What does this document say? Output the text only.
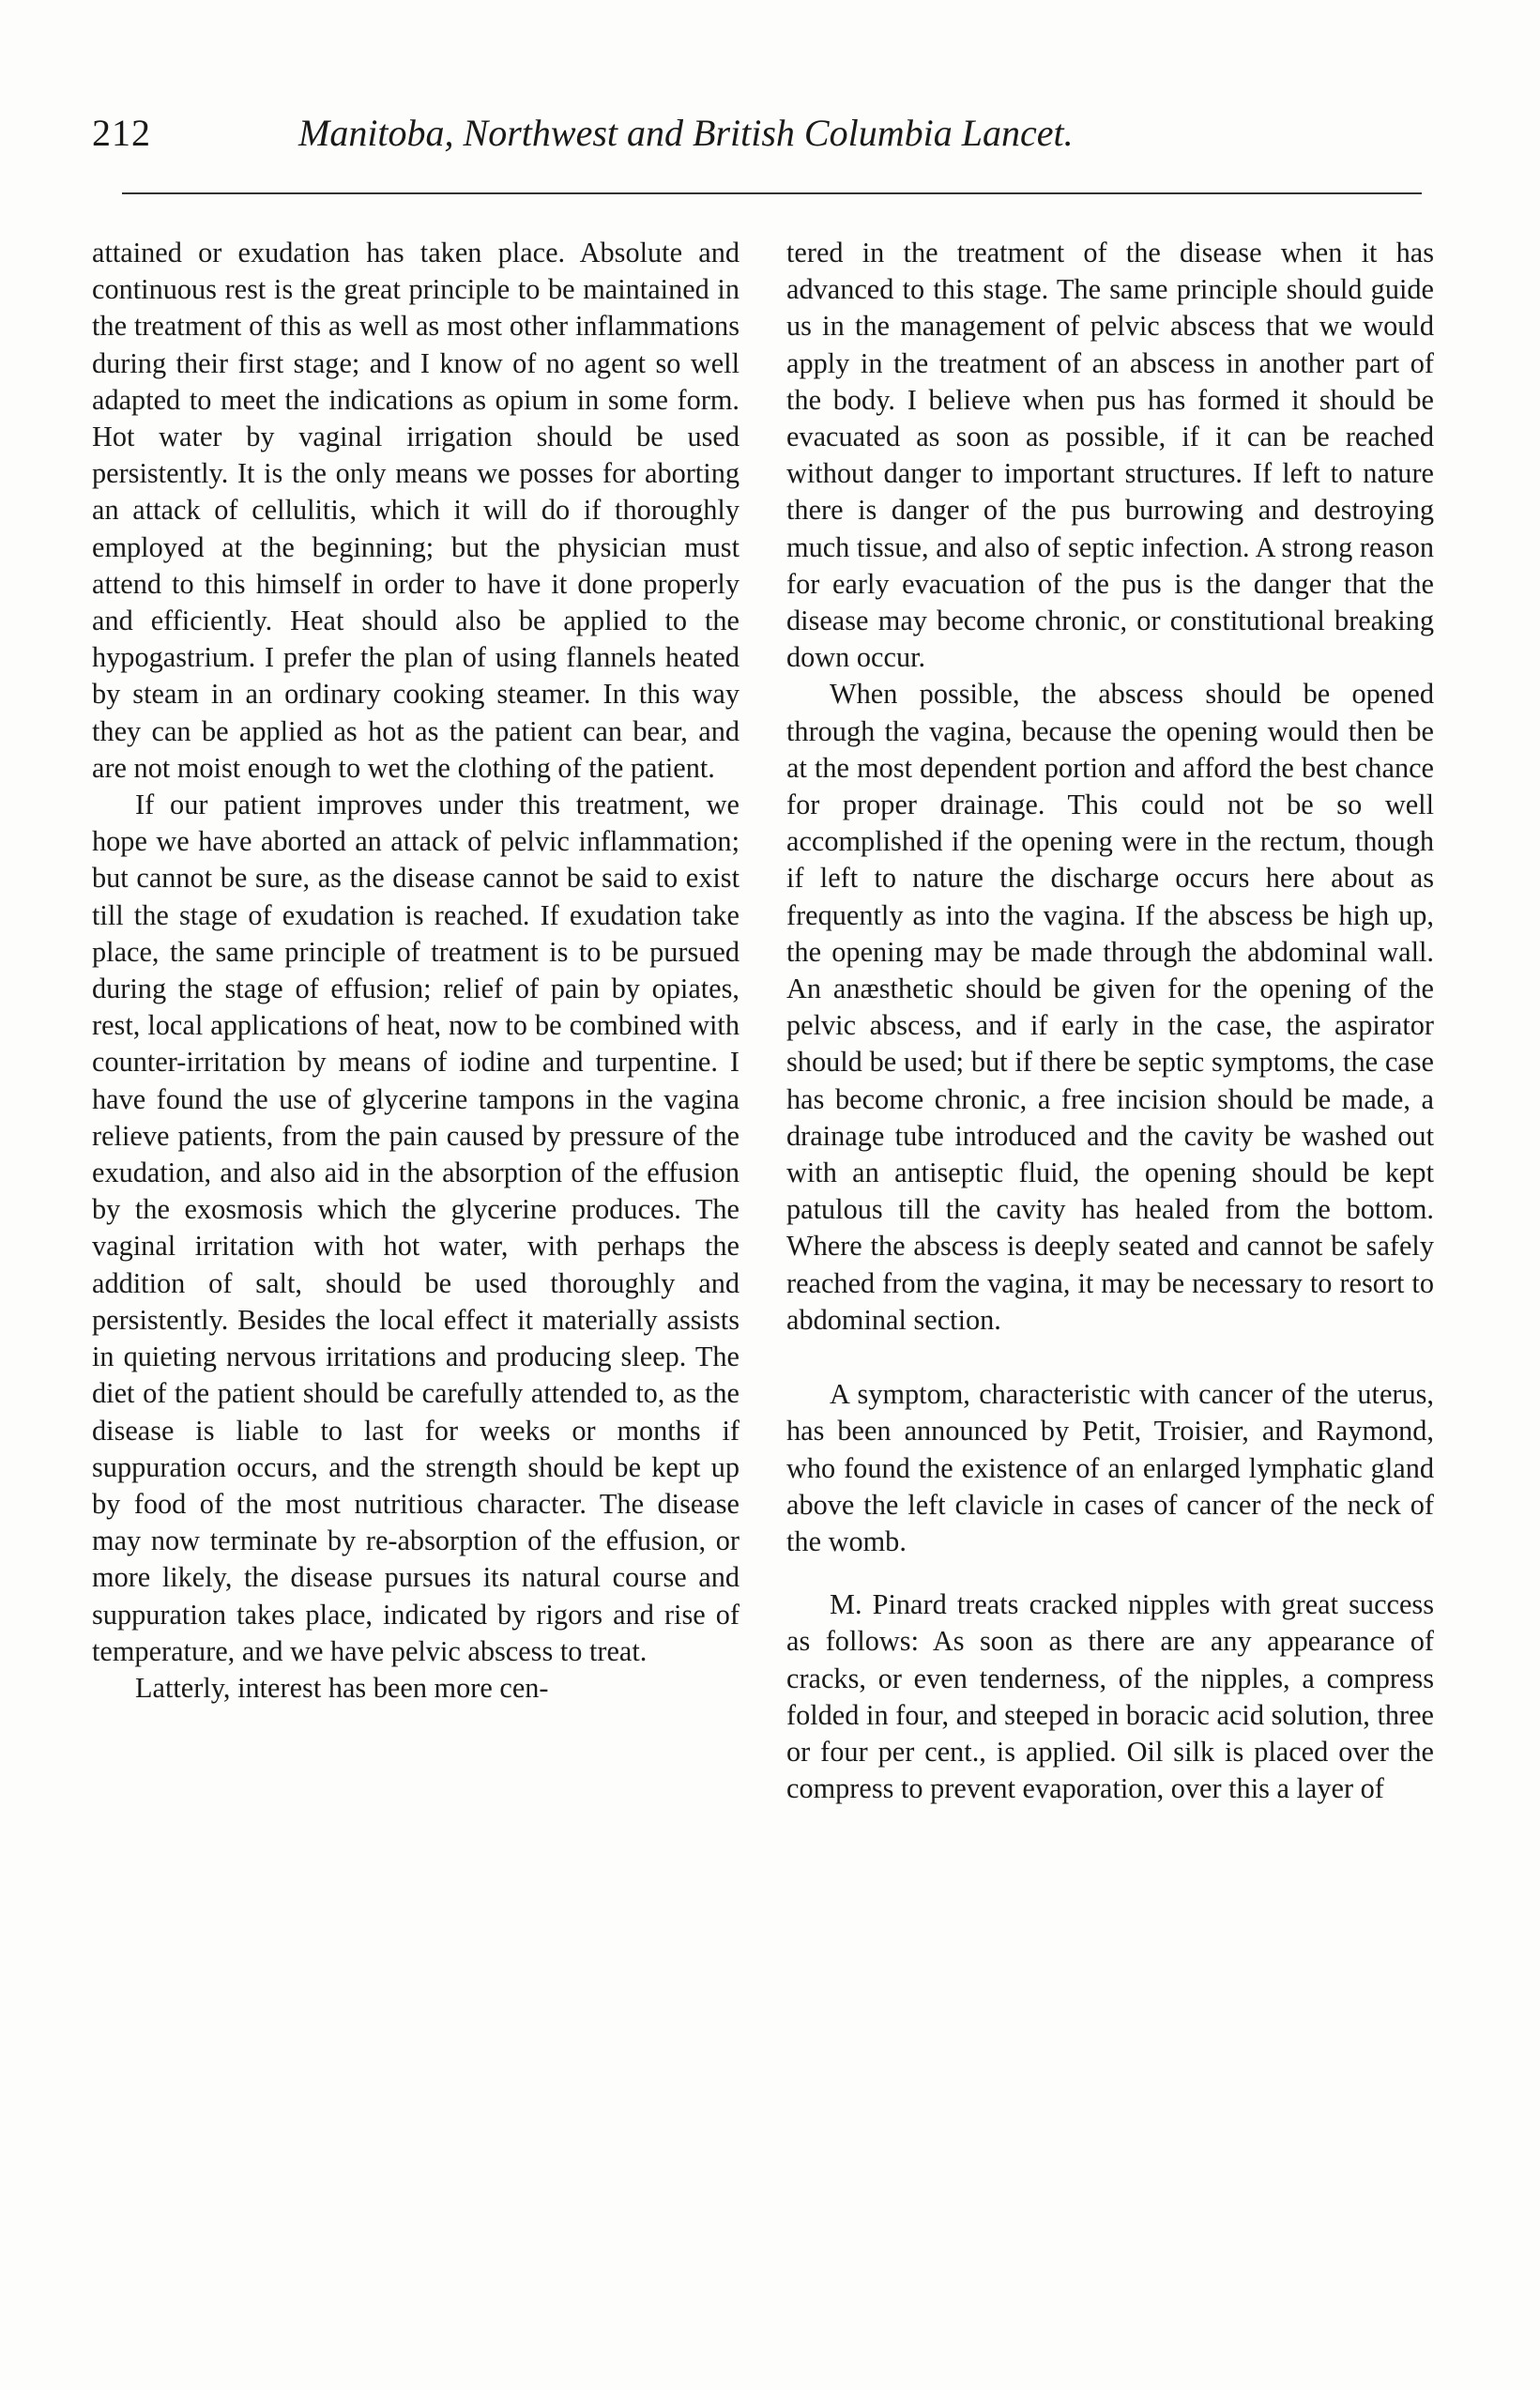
212	Manitoba, Northwest and British Columbia Lancet.

attained or exudation has taken place. Absolute and continuous rest is the great principle to be maintained in the treatment of this as well as most other inflammations during their first stage; and I know of no agent so well adapted to meet the indications as opium in some form. Hot water by vaginal irrigation should be used persistently. It is the only means we posses for aborting an attack of cellulitis, which it will do if thoroughly employed at the beginning; but the physician must attend to this himself in order to have it done properly and efficiently. Heat should also be applied to the hypogastrium. I prefer the plan of using flannels heated by steam in an ordinary cooking steamer. In this way they can be applied as hot as the patient can bear, and are not moist enough to wet the clothing of the patient.

If our patient improves under this treatment, we hope we have aborted an attack of pelvic inflammation; but cannot be sure, as the disease cannot be said to exist till the stage of exudation is reached. If exudation take place, the same principle of treatment is to be pursued during the stage of effusion; relief of pain by opiates, rest, local applications of heat, now to be combined with counter-irritation by means of iodine and turpentine. I have found the use of glycerine tampons in the vagina relieve patients, from the pain caused by pressure of the exudation, and also aid in the absorption of the effusion by the exosmosis which the glycerine produces. The vaginal irritation with hot water, with perhaps the addition of salt, should be used thoroughly and persistently. Besides the local effect it materially assists in quieting nervous irritations and producing sleep. The diet of the patient should be carefully attended to, as the disease is liable to last for weeks or months if suppuration occurs, and the strength should be kept up by food of the most nutritious character. The disease may now terminate by re-absorption of the effusion, or more likely, the disease pursues its natural course and suppuration takes place, indicated by rigors and rise of temperature, and we have pelvic abscess to treat.

Latterly, interest has been more cen-

tered in the treatment of the disease when it has advanced to this stage. The same principle should guide us in the management of pelvic abscess that we would apply in the treatment of an abscess in another part of the body. I believe when pus has formed it should be evacuated as soon as possible, if it can be reached without danger to important structures. If left to nature there is danger of the pus burrowing and destroying much tissue, and also of septic infection. A strong reason for early evacuation of the pus is the danger that the disease may become chronic, or constitutional breaking down occur.

When possible, the abscess should be opened through the vagina, because the opening would then be at the most dependent portion and afford the best chance for proper drainage. This could not be so well accomplished if the opening were in the rectum, though if left to nature the discharge occurs here about as frequently as into the vagina. If the abscess be high up, the opening may be made through the abdominal wall. An anæsthetic should be given for the opening of the pelvic abscess, and if early in the case, the aspirator should be used; but if there be septic symptoms, the case has become chronic, a free incision should be made, a drainage tube introduced and the cavity be washed out with an antiseptic fluid, the opening should be kept patulous till the cavity has healed from the bottom. Where the abscess is deeply seated and cannot be safely reached from the vagina, it may be necessary to resort to abdominal section.

A symptom, characteristic with cancer of the uterus, has been announced by Petit, Troisier, and Raymond, who found the existence of an enlarged lymphatic gland above the left clavicle in cases of cancer of the neck of the womb.

M. Pinard treats cracked nipples with great success as follows: As soon as there are any appearance of cracks, or even tenderness, of the nipples, a compress folded in four, and steeped in boracic acid solution, three or four per cent., is applied. Oil silk is placed over the compress to prevent evaporation, over this a layer of
